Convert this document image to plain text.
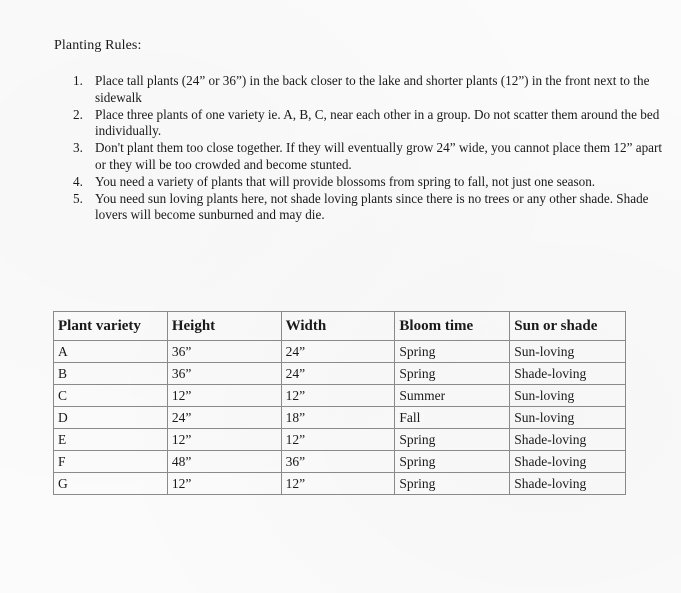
Planting Rules:
1. Place tall plants (24” or 36”) in the back closer to the lake and shorter plants (12”) in the front next to the sidewalk
2. Place three plants of one variety ie. A, B, C, near each other in a group. Do not scatter them around the bed individually.
3. Don't plant them too close together. If they will eventually grow 24” wide, you cannot place them 12” apart or they will be too crowded and become stunted.
4. You need a variety of plants that will provide blossoms from spring to fall, not just one season.
5. You need sun loving plants here, not shade loving plants since there is no trees or any other shade. Shade lovers will become sunburned and may die.
Plant variety	Height	Width	Bloom time	Sun or shade
A	36”	24”	Spring	Sun-loving
B	36”	24”	Spring	Shade-loving
C	12”	12”	Summer	Sun-loving
D	24”	18”	Fall	Sun-loving
E	12”	12”	Spring	Shade-loving
F	48”	36”	Spring	Shade-loving
G	12”	12”	Spring	Shade-loving
